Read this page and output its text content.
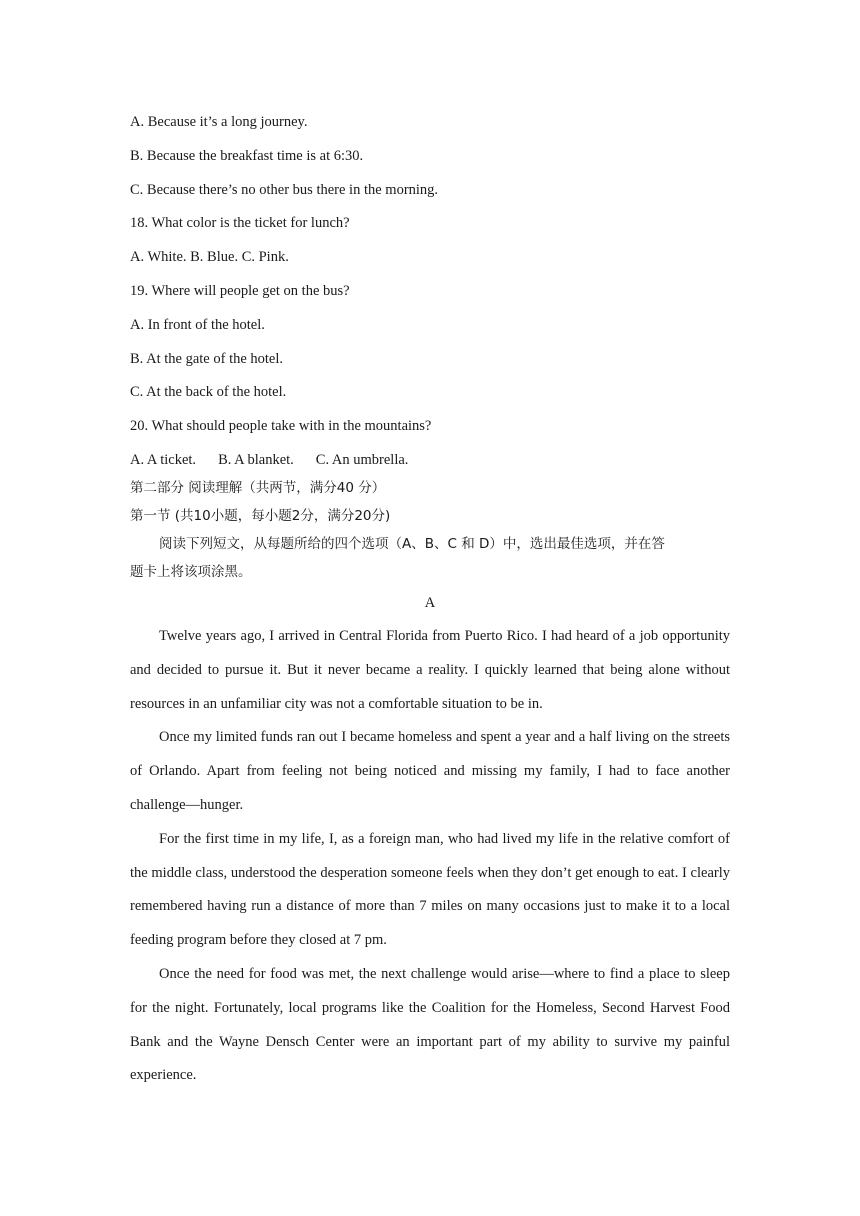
A. Because it’s a long journey.
B. Because the breakfast time is at 6:30.
C. Because there’s no other bus there in the morning.
18. What color is the ticket for lunch?
A. White. B. Blue. C. Pink.
19. Where will people get on the bus?
A. In front of the hotel.
B. At the gate of the hotel.
C. At the back of the hotel.
20. What should people take with in the mountains?
A. A ticket. B. A blanket. C. An umbrella.
第二部分 阅读理解（共两节，满分40 分）
第一节 (共10小题，每小题2分，满分20分)
阅读下列短文，从每题所给的四个选项（A、B、C 和 D）中，选出最佳选项，并在答
题卡上将该项涂黑。
A

Twelve years ago, I arrived in Central Florida from Puerto Rico. I had heard of a job opportunity and decided to pursue it. But it never became a reality. I quickly learned that being alone without resources in an unfamiliar city was not a comfortable situation to be in.

Once my limited funds ran out I became homeless and spent a year and a half living on the streets of Orlando. Apart from feeling not being noticed and missing my family, I had to face another challenge—hunger.

For the first time in my life, I, as a foreign man, who had lived my life in the relative comfort of the middle class, understood the desperation someone feels when they don’t get enough to eat. I clearly remembered having run a distance of more than 7 miles on many occasions just to make it to a local feeding program before they closed at 7 pm.

Once the need for food was met, the next challenge would arise—where to find a place to sleep for the night. Fortunately, local programs like the Coalition for the Homeless, Second Harvest Food Bank and the Wayne Densch Center were an important part of my ability to survive my painful experience.
